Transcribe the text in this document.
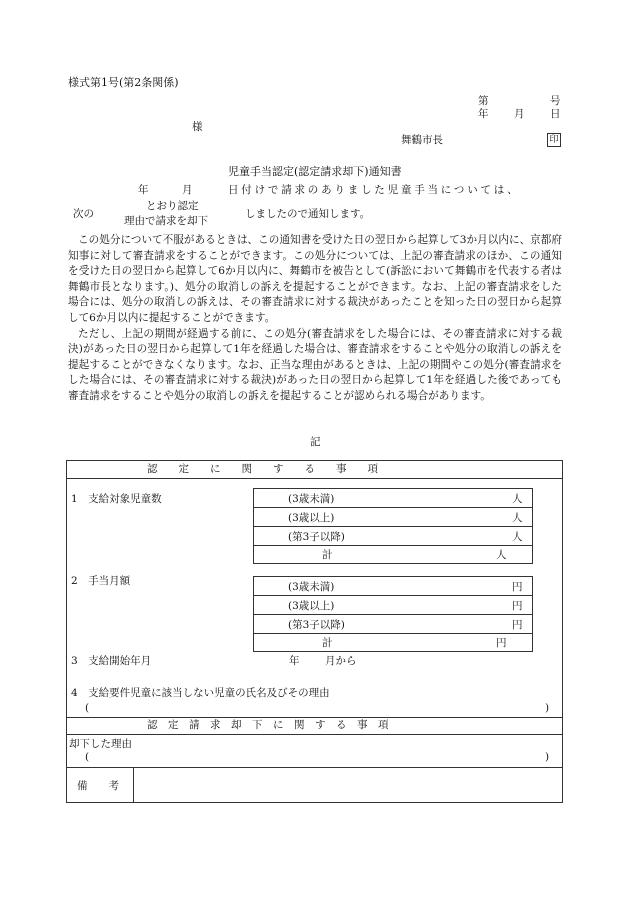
様式第1号(第2条関係)
第	号
年 月 日
様
舞鶴市長	印
児童手当認定(認定請求却下)通知書
年	月	日付けで請求のありました児童手当については、
次の
とおり認定
理由で請求を却下
しましたので通知します。

この処分について不服があるときは、この通知書を受けた日の翌日から起算して3か月以内に、京都府知事に対して審査請求をすることができます。この処分については、上記の審査請求のほか、この通知を受けた日の翌日から起算して6か月以内に、舞鶴市を被告として(訴訟において舞鶴市を代表する者は舞鶴市長となります。)、処分の取消しの訴えを提起することができます。なお、上記の審査請求をした場合には、処分の取消しの訴えは、その審査請求に対する裁決があったことを知った日の翌日から起算して6か月以内に提起することができます。

ただし、上記の期間が経過する前に、この処分(審査請求をした場合には、その審査請求に対する裁決)があった日の翌日から起算して1年を経過した場合は、審査請求をすることや処分の取消しの訴えを提起することができなくなります。なお、正当な理由があるときは、上記の期間やこの処分(審査請求をした場合には、その審査請求に対する裁決)があった日の翌日から起算して1年を経過した後であっても審査請求をすることや処分の取消しの訴えを提起することが認められる場合があります。

記
認　　定　　に　　関　　す　　る　　事　　項
1　支給対象児童数	(3歳未満)	人
(3歳以上)	人
(第3子以降)	人
計	人
2　手当月額	(3歳未満)	円
(3歳以上)	円
(第3子以降)	円
計	円
3　支給開始年月	年 月から
4　支給要件児童に該当しない児童の氏名及びその理由
(	)
認　定　請　求　却　下　に　関　す　る　事　項
却下した理由
(	)
備　　考
